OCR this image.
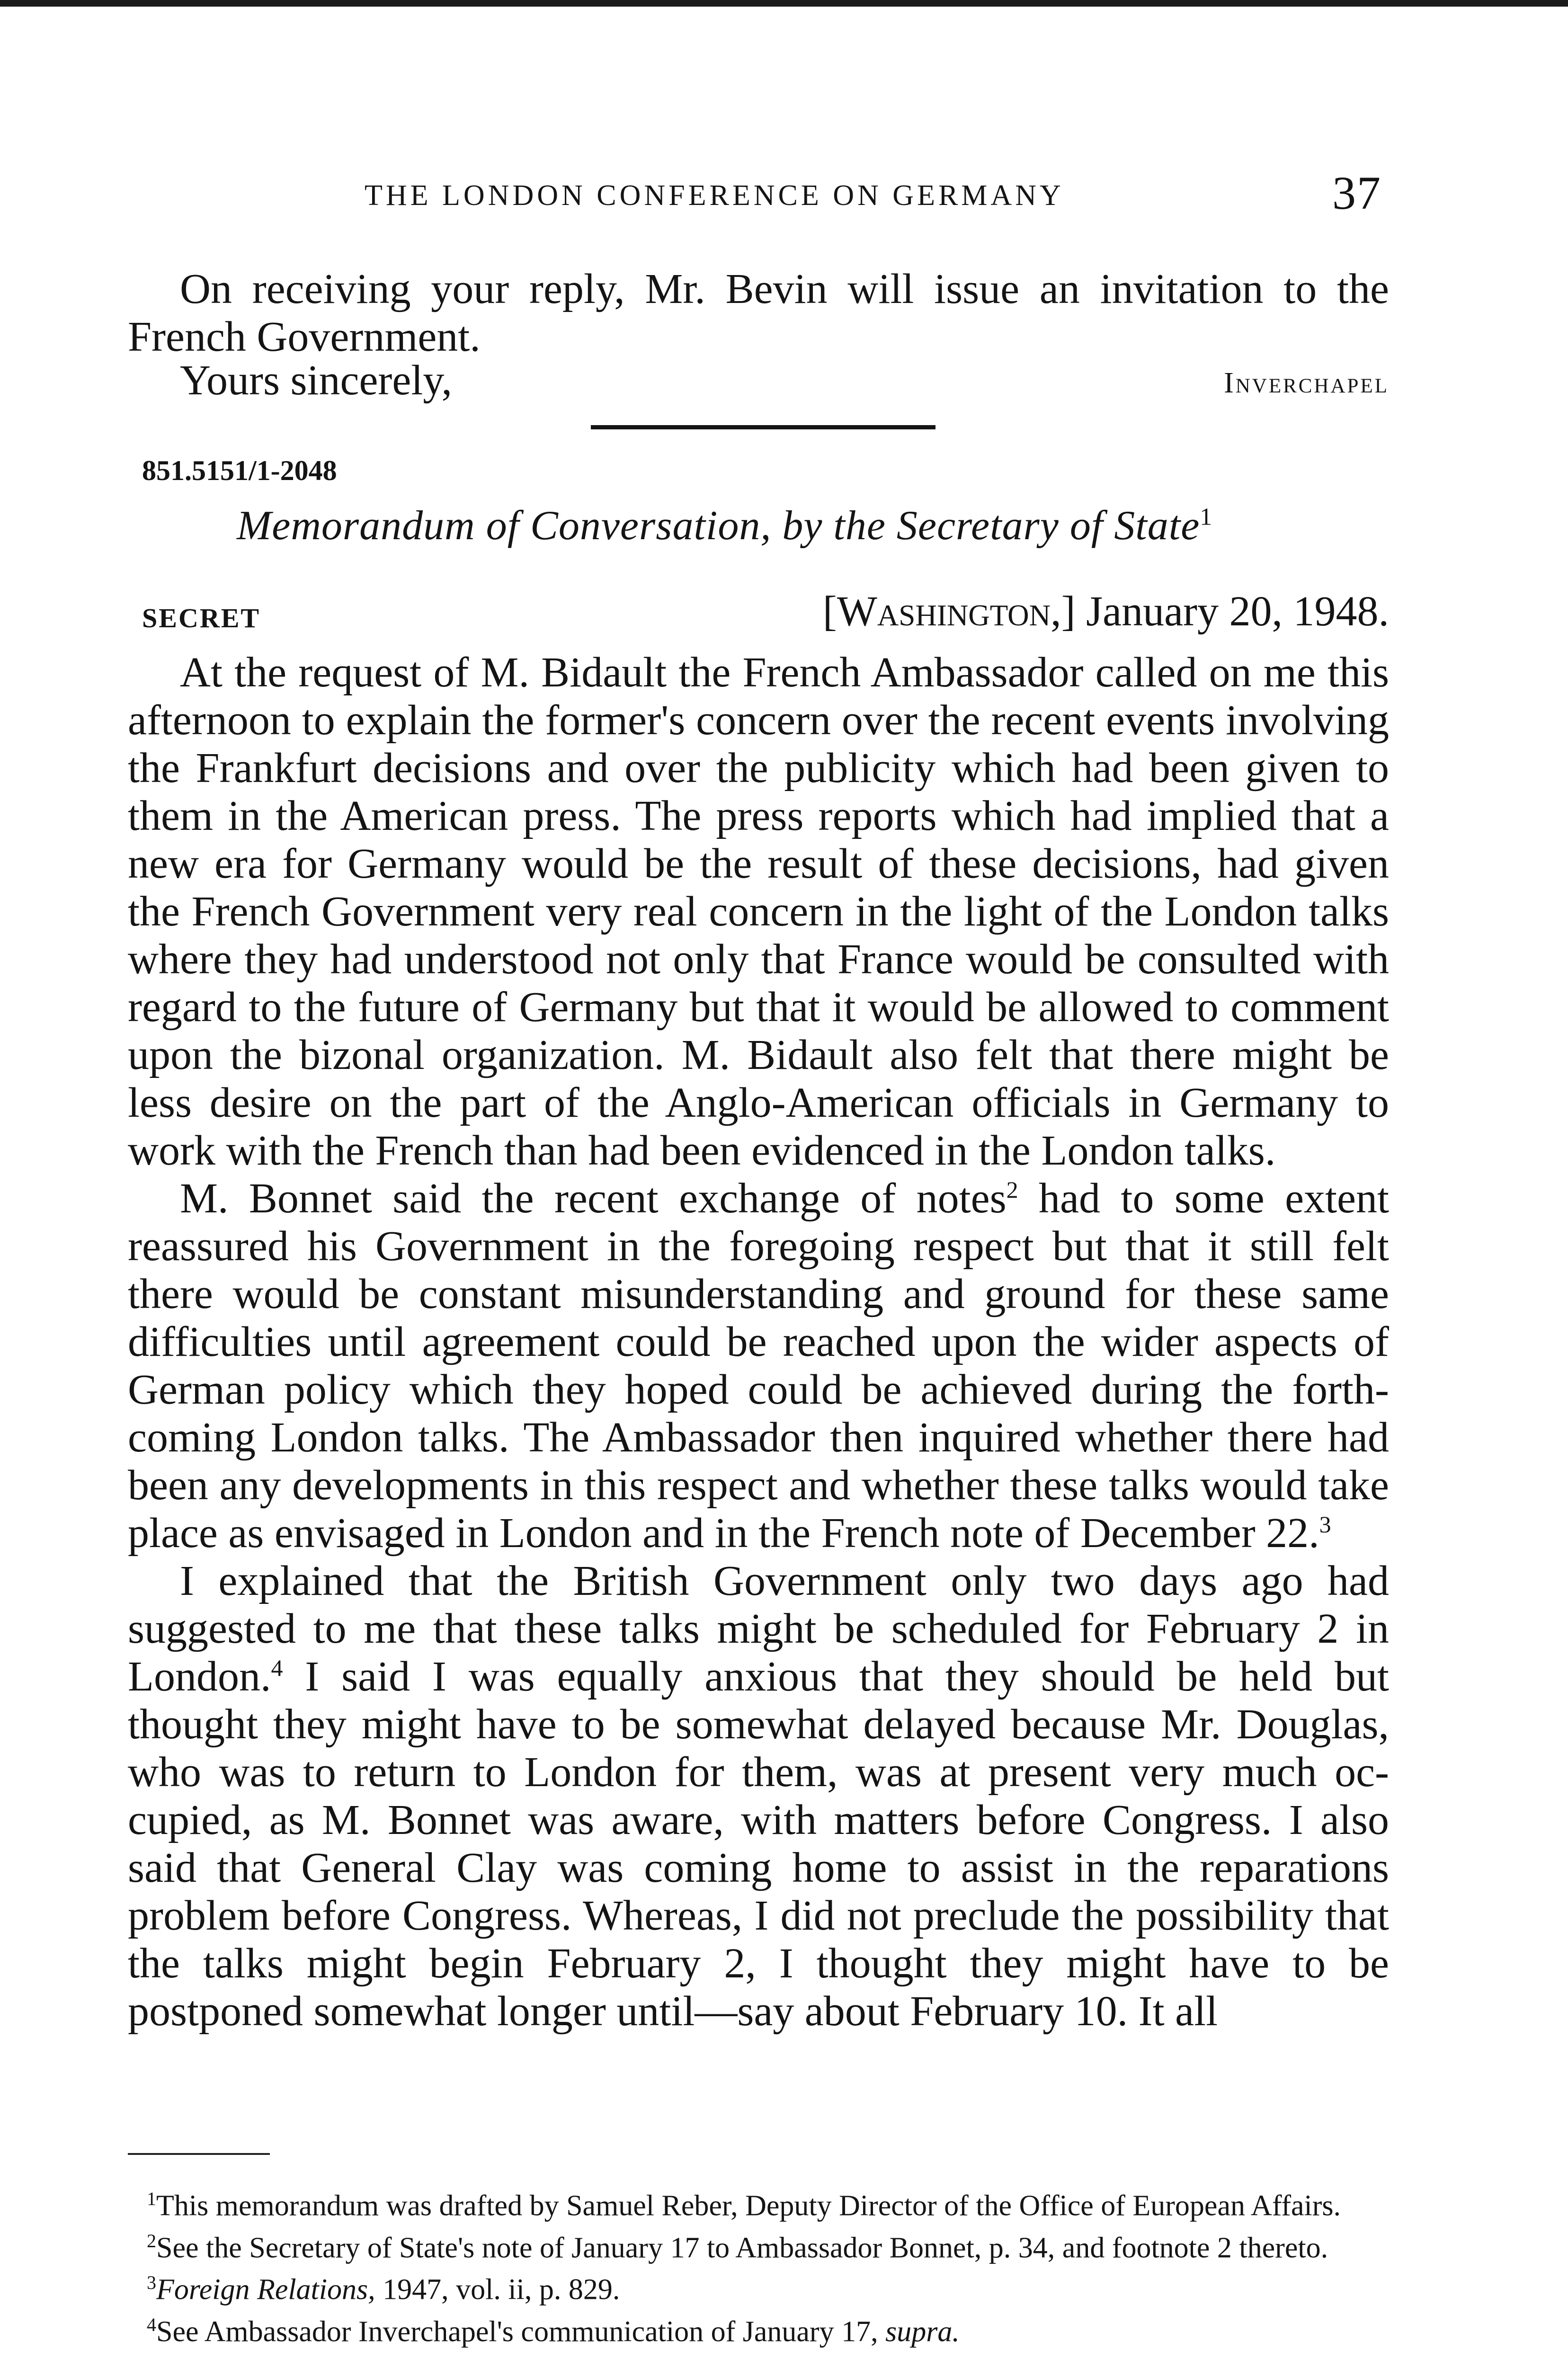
THE LONDON CONFERENCE ON GERMANY	37
On receiving your reply, Mr. Bevin will issue an invitation to the French Government.
Yours sincerely,	Inverchapel
851.5151/1-2048
Memorandum of Conversation, by the Secretary of State$^1$
SECRET	[Washington,] January 20, 1948.

At the request of M. Bidault the French Ambassador called on me this afternoon to explain the former's concern over the recent events involving the Frankfurt decisions and over the publicity which had been given to them in the American press. The press reports which had implied that a new era for Germany would be the result of these decisions, had given the French Government very real concern in the light of the London talks where they had understood not only that France would be consulted with regard to the future of Germany but that it would be allowed to comment upon the bizonal organization. M. Bidault also felt that there might be less desire on the part of the Anglo-American officials in Germany to work with the French than had been evidenced in the London talks.

M. Bonnet said the recent exchange of notes$^2$ had to some extent reassured his Government in the foregoing respect but that it still felt there would be constant misunderstanding and ground for these same difficulties until agreement could be reached upon the wider aspects of German policy which they hoped could be achieved during the forth-coming London talks. The Ambassador then inquired whether there had been any developments in this respect and whether these talks would take place as envisaged in London and in the French note of December 22.$^3$

I explained that the British Government only two days ago had suggested to me that these talks might be scheduled for February 2 in London.$^4$ I said I was equally anxious that they should be held but thought they might have to be somewhat delayed because Mr. Douglas, who was to return to London for them, was at present very much oc-cupied, as M. Bonnet was aware, with matters before Congress. I also said that General Clay was coming home to assist in the reparations problem before Congress. Whereas, I did not preclude the possibility that the talks might begin February 2, I thought they might have to be postponed somewhat longer until—say about February 10. It all

$^1$This memorandum was drafted by Samuel Reber, Deputy Director of the Office of European Affairs.

$^2$See the Secretary of State's note of January 17 to Ambassador Bonnet, p. 34, and footnote 2 thereto.

$^3$Foreign Relations, 1947, vol. ii, p. 829.

$^4$See Ambassador Inverchapel's communication of January 17, supra.
